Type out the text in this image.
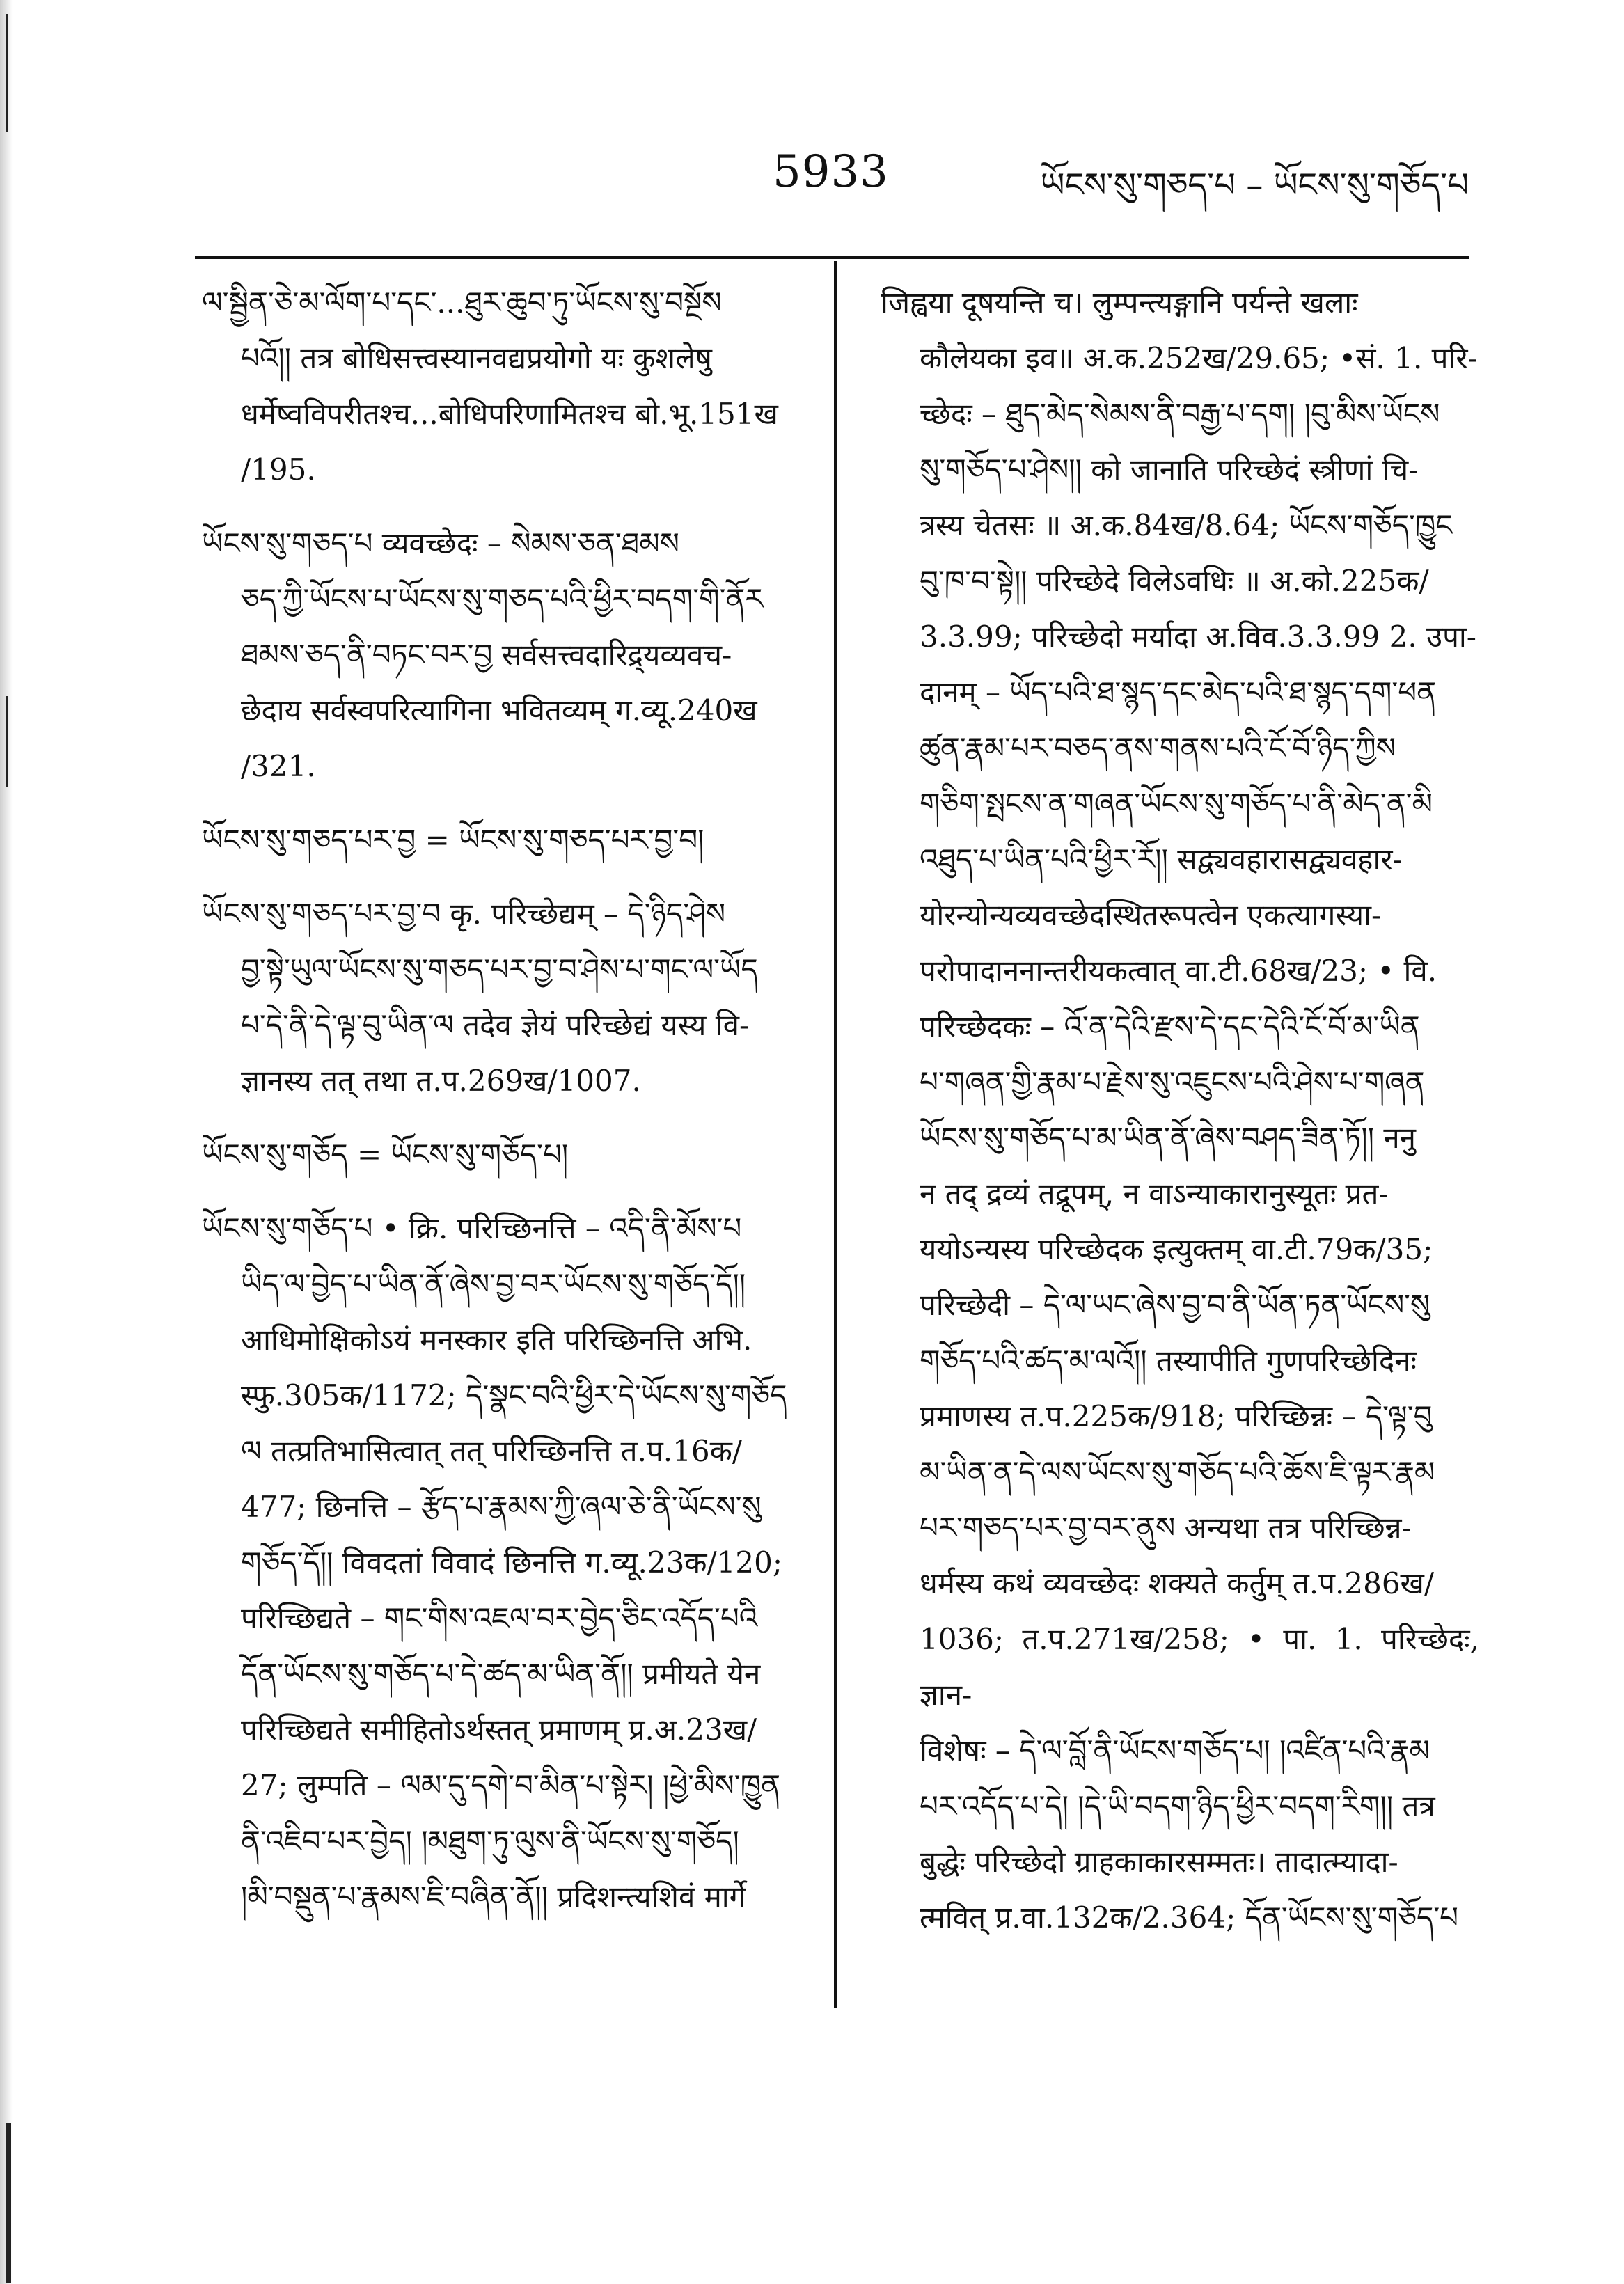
5933	ཡོངས་སུ་གཅད་པ – ཡོངས་སུ་གཅོད་པ

ལ་སྦྱིན་ཅེ་མ་ལོག་པ་དང་...ཐུར་ཆུབ་ཏུ་ཡོངས་སུ་བསྔོས

པའོ།། तत्र बोधिसत्त्वस्यानवद्यप्रयोगो यः कुशलेषु

धर्मेष्वविपरीतश्च...बोधिपरिणामितश्च बो.भू.151ख

/195.

ཡོངས་སུ་གཅད་པ व्यवच्छेदः – སེམས་ཅན་ཐམས

ཅད་ཀྱི་ཡོངས་པ་ཡོངས་སུ་གཅད་པའི་ཕྱིར་བདག་གི་ནོར

ཐམས་ཅད་ནི་བཏང་བར་བྱ सर्वसत्त्वदारिद्र्यव्यवच-

छेदाय सर्वस्वपरित्यागिना भवितव्यम् ग.व्यू.240ख

/321.

ཡོངས་སུ་གཅད་པར་བྱ = ཡོངས་སུ་གཅད་པར་བྱ་བ།

ཡོངས་སུ་གཅད་པར་བྱ་བ कृ. परिच्छेद्यम् – དེ་ཉིད་ཤེས

བྱ་སྟེ་ཡུལ་ཡོངས་སུ་གཅད་པར་བྱ་བ་ཤེས་པ་གང་ལ་ཡོད

པ་དེ་ནི་དེ་ལྟ་བུ་ཡིན་ལ तदेव ज्ञेयं परिच्छेद्यं यस्य वि-

ज्ञानस्य तत् तथा त.प.269ख/1007.

ཡོངས་སུ་གཅོད = ཡོངས་སུ་གཅོད་པ།

ཡོངས་སུ་གཅོད་པ • क्रि. परिच्छिनत्ति – འདི་ནི་མོས་པ

ཡིད་ལ་བྱེད་པ་ཡིན་ནོ་ཞེས་བྱ་བར་ཡོངས་སུ་གཅོད་དོ།།

आधिमोक्षिकोऽयं मनस्कार इति परिच्छिनत्ति अभि.

स्फु.305क/1172; དེ་སྣང་བའི་ཕྱིར་དེ་ཡོངས་སུ་གཅོད

ལ तत्प्रतिभासित्वात् तत् परिच्छिनत्ति त.प.16क/

477; छिनत्ति – རྩོད་པ་རྣམས་ཀྱི་ཞལ་ཅེ་ནི་ཡོངས་སུ

གཅོད་དོ།། विवदतां विवादं छिनत्ति ग.व्यू.23क/120;

परिच्छिद्यते – གང་གིས་འཇལ་བར་བྱེད་ཅིང་འདོད་པའི

དོན་ཡོངས་སུ་གཅོད་པ་དེ་ཚད་མ་ཡིན་ནོ།། प्रमीयते येन

परिच्छिद्यते समीहितोऽर्थस्तत् प्रमाणम् प्र.अ.23ख/

27; लुम्पति – ལམ་དུ་དགེ་བ་མིན་པ་སྟེར། །ཕྱེ་མིས་ཁྱུན

ནི་འཇིབ་པར་བྱེད། །མཐུག་ཏུ་ལུས་ནི་ཡོངས་སུ་གཅོད།

།མི་བསྡུན་པ་རྣམས་ཇི་བཞིན་ནོ།། प्रदिशन्त्यशिवं मार्गे

जिह्वया दूषयन्ति च। लुम्पन्त्यङ्गानि पर्यन्ते खलाः

कौलेयका इव॥ अ.क.252ख/29.65; •सं. 1. परि-

च्छेदः – ཐུད་མེད་སེམས་ནི་བརྒྱ་པ་དག། །བུ་མིས་ཡོངས

སུ་གཅོད་པ་ཤེས།། को जानाति परिच्छेदं स्त्रीणां चि-

त्रस्य चेतसः ॥ अ.क.84ख/8.64; ཡོངས་གཅོད་ཁྱུང

བུ་ཁ་བ་སྟེ།། परिच्छेदे विलेऽवधिः ॥ अ.को.225क/

3.3.99; परिच्छेदो मर्यादा अ.विव.3.3.99 2. उपा-

दानम् – ཡོད་པའི་ཐ་སྙད་དང་མེད་པའི་ཐ་སྙད་དག་ཕན

ཚུན་རྣམ་པར་བཅད་ནས་གནས་པའི་ངོ་བོ་ཉིད་ཀྱིས

གཅིག་སྤངས་ན་གཞན་ཡོངས་སུ་གཅོད་པ་ནི་མེད་ན་མི

འཐུད་པ་ཡིན་པའི་ཕྱིར་རོ།། सद्व्यवहारासद्व्यवहार-

योरन्योन्यव्यवच्छेदस्थितरूपत्वेन एकत्यागस्या-

परोपादाननान्तरीयकत्वात् वा.टी.68ख/23; • वि.

परिच्छेदकः – འོ་ན་དེའི་རྫས་དེ་དང་དེའི་ངོ་བོ་མ་ཡིན

པ་གཞན་གྱི་རྣམ་པ་རྗེས་སུ་འཇུངས་པའི་ཤེས་པ་གཞན

ཡོངས་སུ་གཅོད་པ་མ་ཡིན་ནོ་ཞེས་བཤད་ཟིན་ཏོ།། ननु

न तद् द्रव्यं तद्रूपम्, न वाऽन्याकारानुस्यूतः प्रत-

ययोऽन्यस्य परिच्छेदक इत्युक्तम् वा.टी.79क/35;

परिच्छेदी – དེ་ལ་ཡང་ཞེས་བྱ་བ་ནི་ཡོན་ཏན་ཡོངས་སུ

གཅོད་པའི་ཚད་མ་ལའོ།། तस्यापीति गुणपरिच्छेदिनः

प्रमाणस्य त.प.225क/918; परिच्छिन्नः – དེ་ལྟ་བུ

མ་ཡིན་ན་དེ་ལས་ཡོངས་སུ་གཅོད་པའི་ཆོས་ཇི་ལྟར་རྣམ

པར་གཅད་པར་བྱ་བར་ནུས अन्यथा तत्र परिच्छिन्न-

धर्मस्य कथं व्यवच्छेदः शक्यते कर्तुम् त.प.286ख/

1036; त.प.271ख/258; • पा. 1. परिच्छेदः, ज्ञान-

विशेषः – དེ་ལ་བློ་ནི་ཡོངས་གཅོད་པ། །འཛིན་པའི་རྣམ

པར་འདོད་པ་དེ། །དེ་ཡི་བདག་ཉིད་ཕྱིར་བདག་རིག།། तत्र

बुद्धेः परिच्छेदो ग्राहकाकारसम्मतः। तादात्म्यादा-

त्मवित् प्र.वा.132क/2.364; དོན་ཡོངས་སུ་གཅོད་པ
